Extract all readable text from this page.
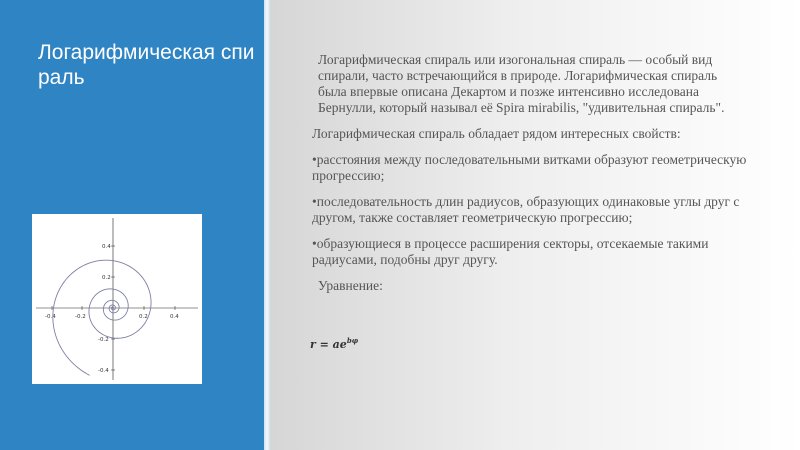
Логарифмическая спираль
-0.4	-0.2	0.2	0.4
0.4
0.2
-0.2
-0.4

Логарифмическая спираль или изогональная спираль — особый вид спирали, часто встречающийся в природе. Логарифмическая спираль была впервые описана Декартом и позже интенсивно исследована Бернулли, который называл её Spira mirabilis, "удивительная спираль".

Логарифмическая спираль обладает рядом интересных свойств:

•расстояния между последовательными витками образуют геометрическую прогрессию;

•последовательность длин радиусов, образующих одинаковые углы друг с другом, также составляет геометрическую прогрессию;

•образующиеся в процессе расширения секторы, отсекаемые такими радиусами, подобны друг другу.

Уравнение:

$r = ae^{b\varphi}$
